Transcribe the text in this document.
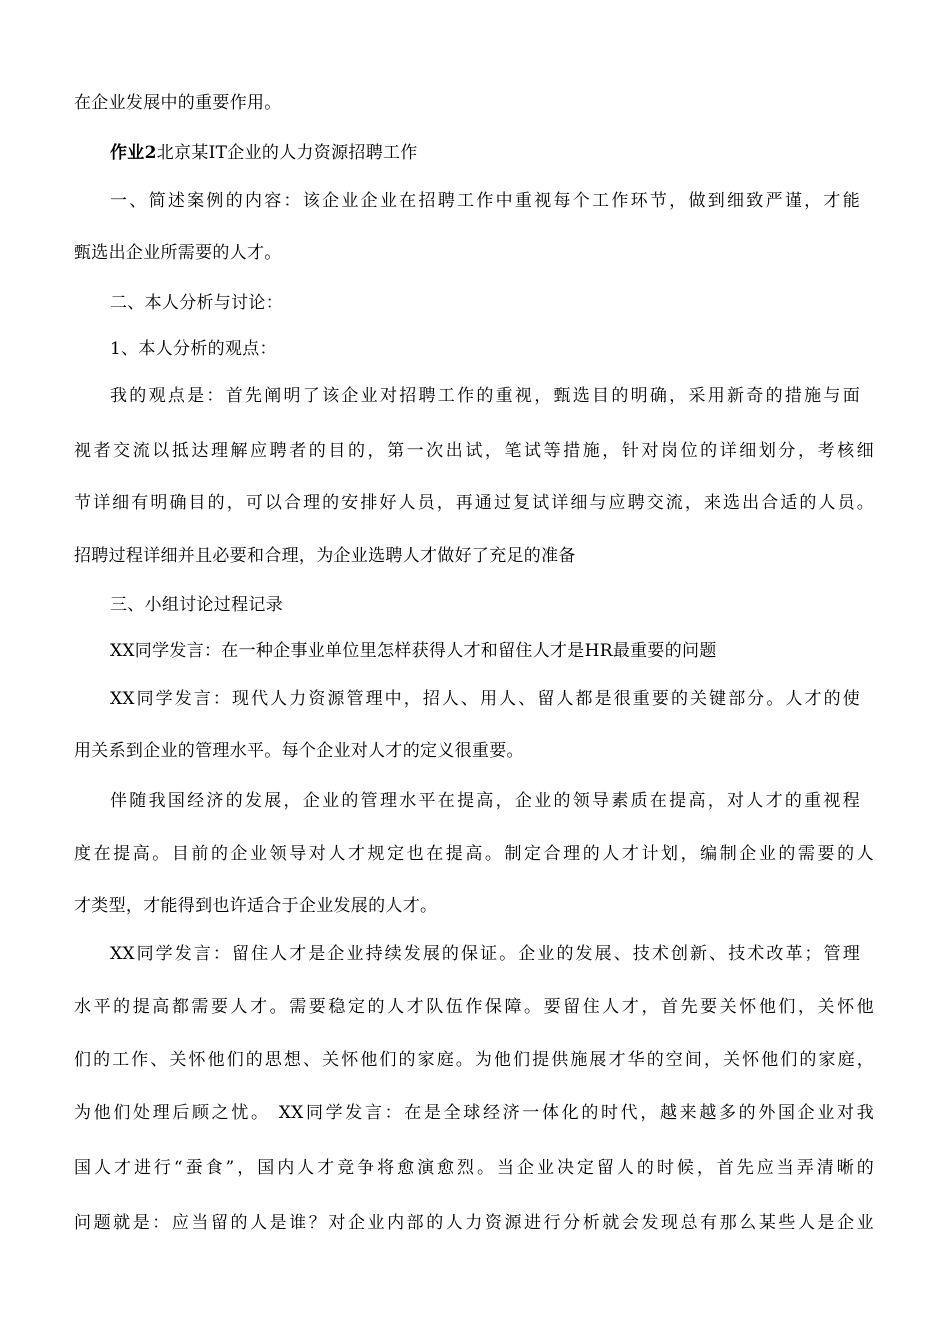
在企业发展中的重要作用。
作业2北京某IT企业的人力资源招聘工作
一、简述案例的内容：该企业企业在招聘工作中重视每个工作环节，做到细致严谨，才能
甄选出企业所需要的人才。
二、本人分析与讨论：
1、本人分析的观点：
我的观点是：首先阐明了该企业对招聘工作的重视，甄选目的明确，采用新奇的措施与面
视者交流以抵达理解应聘者的目的，第一次出试，笔试等措施，针对岗位的详细划分，考核细
节详细有明确目的，可以合理的安排好人员，再通过复试详细与应聘交流，来选出合适的人员。
招聘过程详细并且必要和合理，为企业选聘人才做好了充足的准备
三、小组讨论过程记录
XX同学发言：在一种企事业单位里怎样获得人才和留住人才是HR最重要的问题
XX同学发言：现代人力资源管理中，招人、用人、留人都是很重要的关键部分。人才的使
用关系到企业的管理水平。每个企业对人才的定义很重要。
伴随我国经济的发展，企业的管理水平在提高，企业的领导素质在提高，对人才的重视程
度在提高。目前的企业领导对人才规定也在提高。制定合理的人才计划，编制企业的需要的人
才类型，才能得到也许适合于企业发展的人才。
XX同学发言：留住人才是企业持续发展的保证。企业的发展、技术创新、技术改革；管理
水平的提高都需要人才。需要稳定的人才队伍作保障。要留住人才，首先要关怀他们，关怀他
们的工作、关怀他们的思想、关怀他们的家庭。为他们提供施展才华的空间，关怀他们的家庭，
为他们处理后顾之忧。 XX同学发言：在是全球经济一体化的时代，越来越多的外国企业对我
国人才进行“蚕食”，国内人才竞争将愈演愈烈。当企业决定留人的时候，首先应当弄清晰的
问题就是：应当留的人是谁？对企业内部的人力资源进行分析就会发现总有那么某些人是企业
